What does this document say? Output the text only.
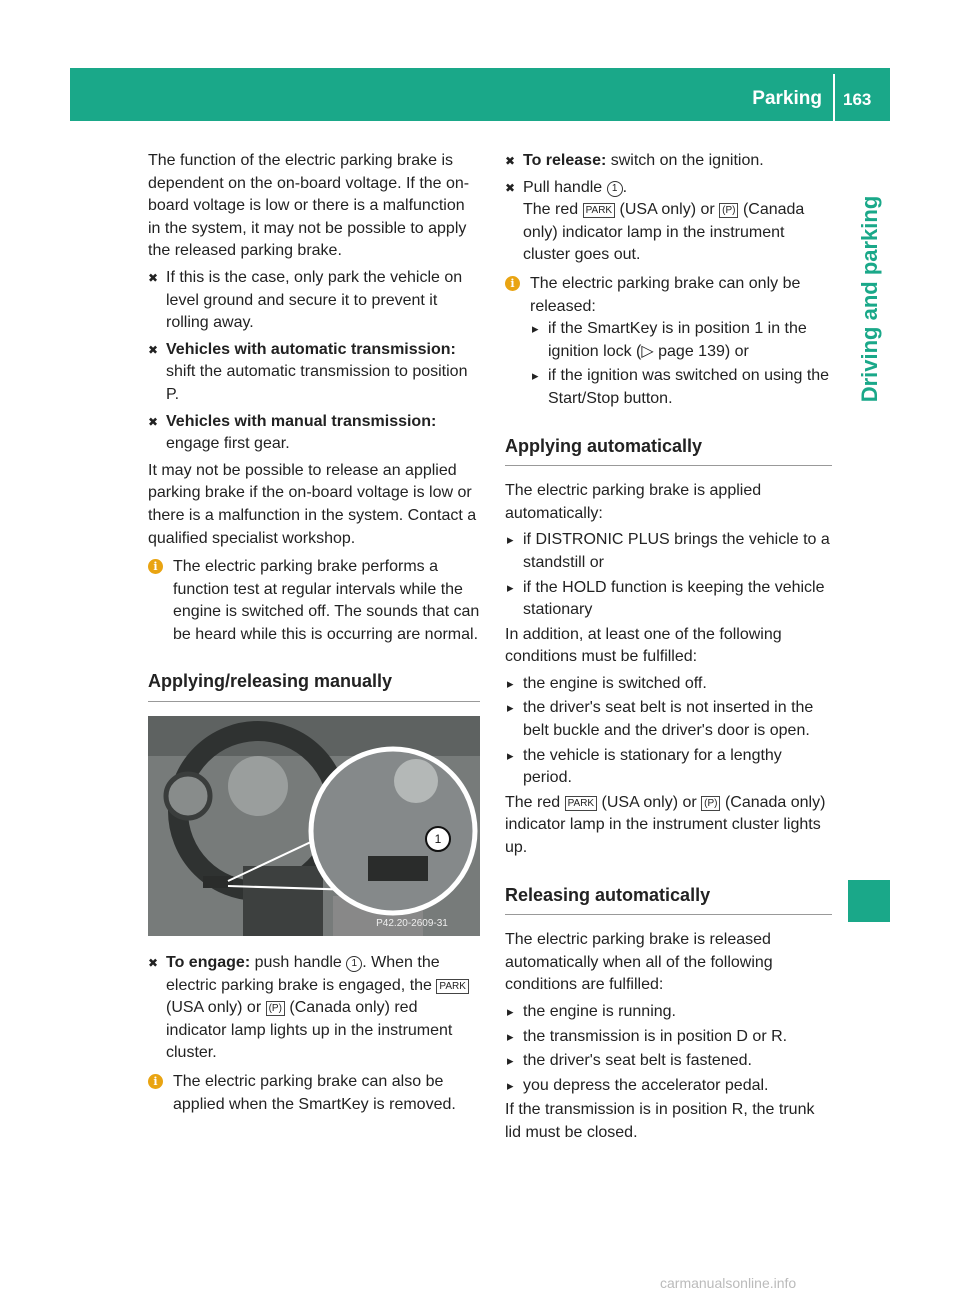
Parking 163
Driving and parking

The function of the electric parking brake is dependent on the on-board voltage. If the on-board voltage is low or there is a malfunction in the system, it may not be possible to apply the released parking brake.

✖ If this is the case, only park the vehicle on level ground and secure it to prevent it rolling away.
✖ Vehicles with automatic transmission:
shift the automatic transmission to position P.
✖ Vehicles with manual transmission:
engage first gear.

It may not be possible to release an applied parking brake if the on-board voltage is low or there is a malfunction in the system. Contact a qualified specialist workshop.

i The electric parking brake performs a function test at regular intervals while the engine is switched off. The sounds that can be heard while this is occurring are normal.
Applying/releasing manually
1
P42.20-2609-31
✖ To engage: push handle 1 . When the electric parking brake is engaged, the PARK (USA only) or (P) (Canada only) red indicator lamp lights up in the instrument cluster.
i The electric parking brake can also be applied when the SmartKey is removed.
✖ To release: switch on the ignition.
✖ Pull handle 1 .
The red PARK (USA only) or (P) (Canada only) indicator lamp in the instrument cluster goes out.
i The electric parking brake can only be released:
▸ if the SmartKey is in position 1 in the ignition lock (▷ page 139) or
▸ if the ignition was switched on using the Start/Stop button.
Applying automatically

The electric parking brake is applied automatically:

▸ if DISTRONIC PLUS brings the vehicle to a standstill or
▸ if the HOLD function is keeping the vehicle stationary

In addition, at least one of the following conditions must be fulfilled:

▸ the engine is switched off.
▸ the driver's seat belt is not inserted in the belt buckle and the driver's door is open.
▸ the vehicle is stationary for a lengthy period.

The red PARK (USA only) or (P) (Canada only) indicator lamp in the instrument cluster lights up.

Releasing automatically

The electric parking brake is released automatically when all of the following conditions are fulfilled:

▸ the engine is running.
▸ the transmission is in position D or R.
▸ the driver's seat belt is fastened.
▸ you depress the accelerator pedal.

If the transmission is in position R, the trunk lid must be closed.

carmanualsonline.info
